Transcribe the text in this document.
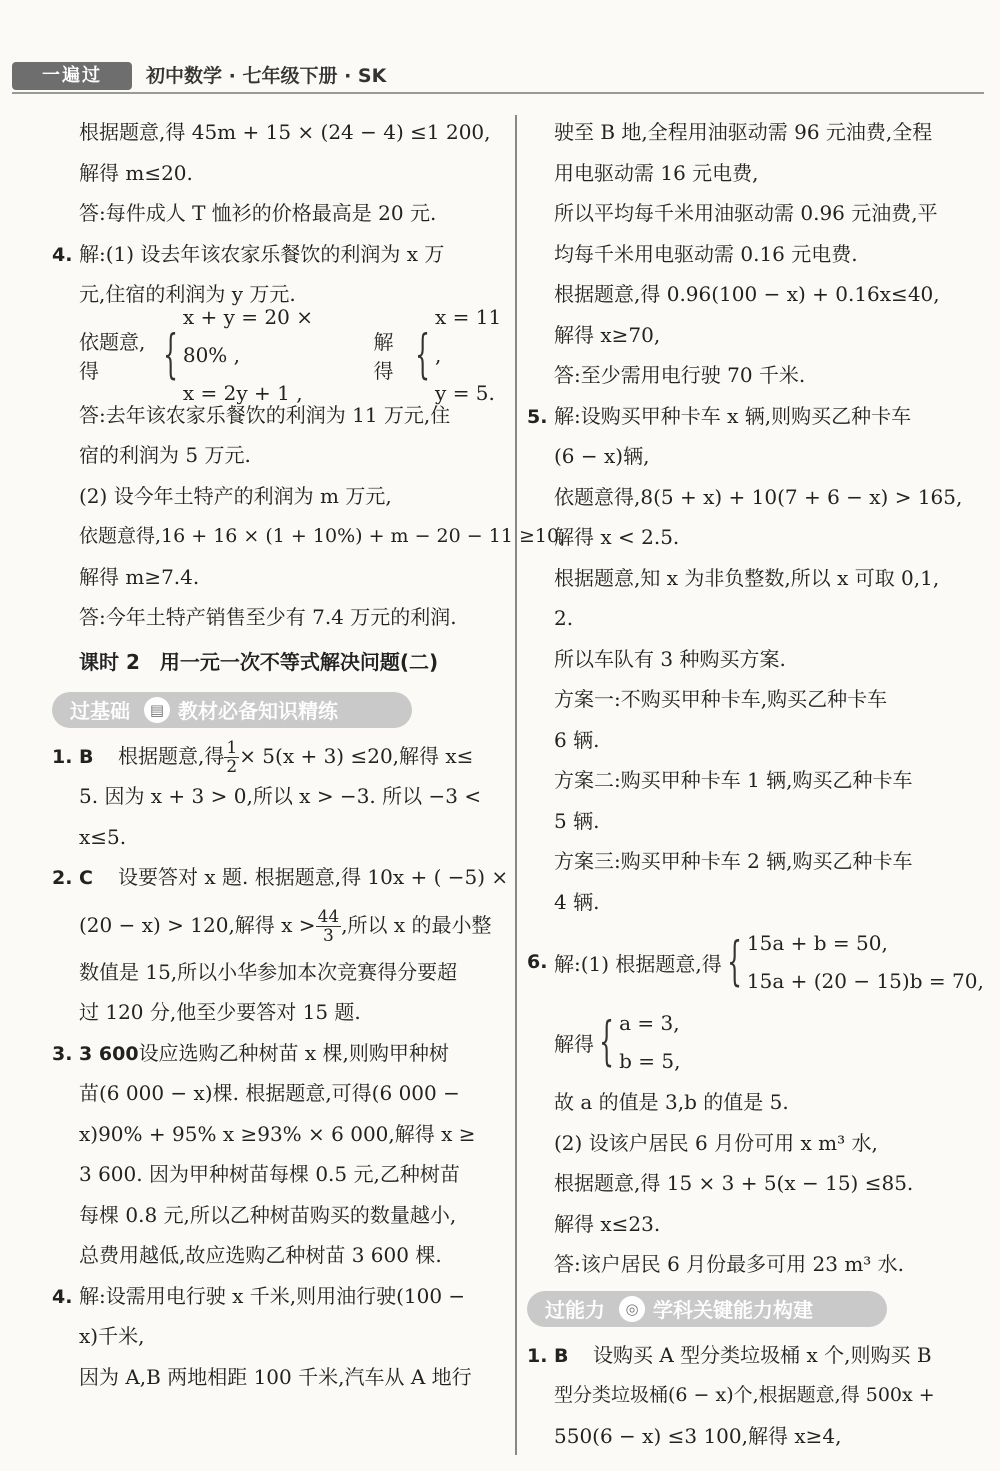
一遍过	初中数学 · 七年级下册 · SK
根据题意,得 45m + 15 × (24 − 4) ≤1 200,
解得 m≤20.
答:每件成人 T 恤衫的价格最高是 20 元.
4. 解:(1) 设去年该农家乐餐饮的利润为 x 万
元,住宿的利润为 y 万元.
依题意,得	{
x + y = 20 × 80% ,
x = 2y + 1 ,
解得 {
x = 11 ,
y = 5.
答:去年该农家乐餐饮的利润为 11 万元,住
宿的利润为 5 万元.
(2) 设今年土特产的利润为 m 万元,
依题意得,16 + 16 × (1 + 10%) + m − 20 − 11 ≥10,
解得 m≥7.4.
答:今年土特产销售至少有 7.4 万元的利润.
课时 2　用一元一次不等式解决问题(二)
过基础	▤ 教材必备知识精练
1. B 根据题意,得 $\frac{1}{2} \times 5(x + 3) \le 20$,解得 x≤
5. 因为 x + 3 > 0,所以 x > −3. 所以 −3 <
x≤5.
2. C 设要答对 x 题. 根据题意,得 10x + ( −5) ×
(20 − x) > 120,解得 $x > \frac{44}{3}$ ,所以 x 的最小整
数值是 15,所以小华参加本次竞赛得分要超
过 120 分,他至少要答对 15 题.
3. 3 600设应选购乙种树苗 x 棵,则购甲种树
苗(6 000 − x)棵. 根据题意,可得(6 000 −
x)90% + 95% x ≥93% × 6 000,解得 x ≥
3 600. 因为甲种树苗每棵 0.5 元,乙种树苗
每棵 0.8 元,所以乙种树苗购买的数量越小,
总费用越低,故应选购乙种树苗 3 600 棵.
4. 解:设需用电行驶 x 千米,则用油行驶(100 −
x)千米,
因为 A,B 两地相距 100 千米,汽车从 A 地行
驶至 B 地,全程用油驱动需 96 元油费,全程
用电驱动需 16 元电费,
所以平均每千米用油驱动需 0.96 元油费,平
均每千米用电驱动需 0.16 元电费.
根据题意,得 0.96(100 − x) + 0.16x≤40,
解得 x≥70,
答:至少需用电行驶 70 千米.
5. 解:设购买甲种卡车 x 辆,则购买乙种卡车
(6 − x)辆,
依题意得,8(5 + x) + 10(7 + 6 − x) > 165,
解得 x < 2.5.
根据题意,知 x 为非负整数,所以 x 可取 0,1,
2.
所以车队有 3 种购买方案.
方案一:不购买甲种卡车,购买乙种卡车
6 辆.
方案二:购买甲种卡车 1 辆,购买乙种卡车
5 辆.
方案三:购买甲种卡车 2 辆,购买乙种卡车
4 辆.
6. 解:(1) 根据题意,得 { 15a + b = 50,
15a + (20 − 15)b = 70,
解得 { a = 3,
b = 5,
故 a 的值是 3,b 的值是 5.
(2) 设该户居民 6 月份可用 x m³ 水,
根据题意,得 15 × 3 + 5(x − 15) ≤85.
解得 x≤23.
答:该户居民 6 月份最多可用 23 m³ 水.
过能力	◎ 学科关键能力构建
1. B 设购买 A 型分类垃圾桶 x 个,则购买 B
型分类垃圾桶(6 − x)个,根据题意,得 500x +
550(6 − x) ≤3 100,解得 x≥4,
